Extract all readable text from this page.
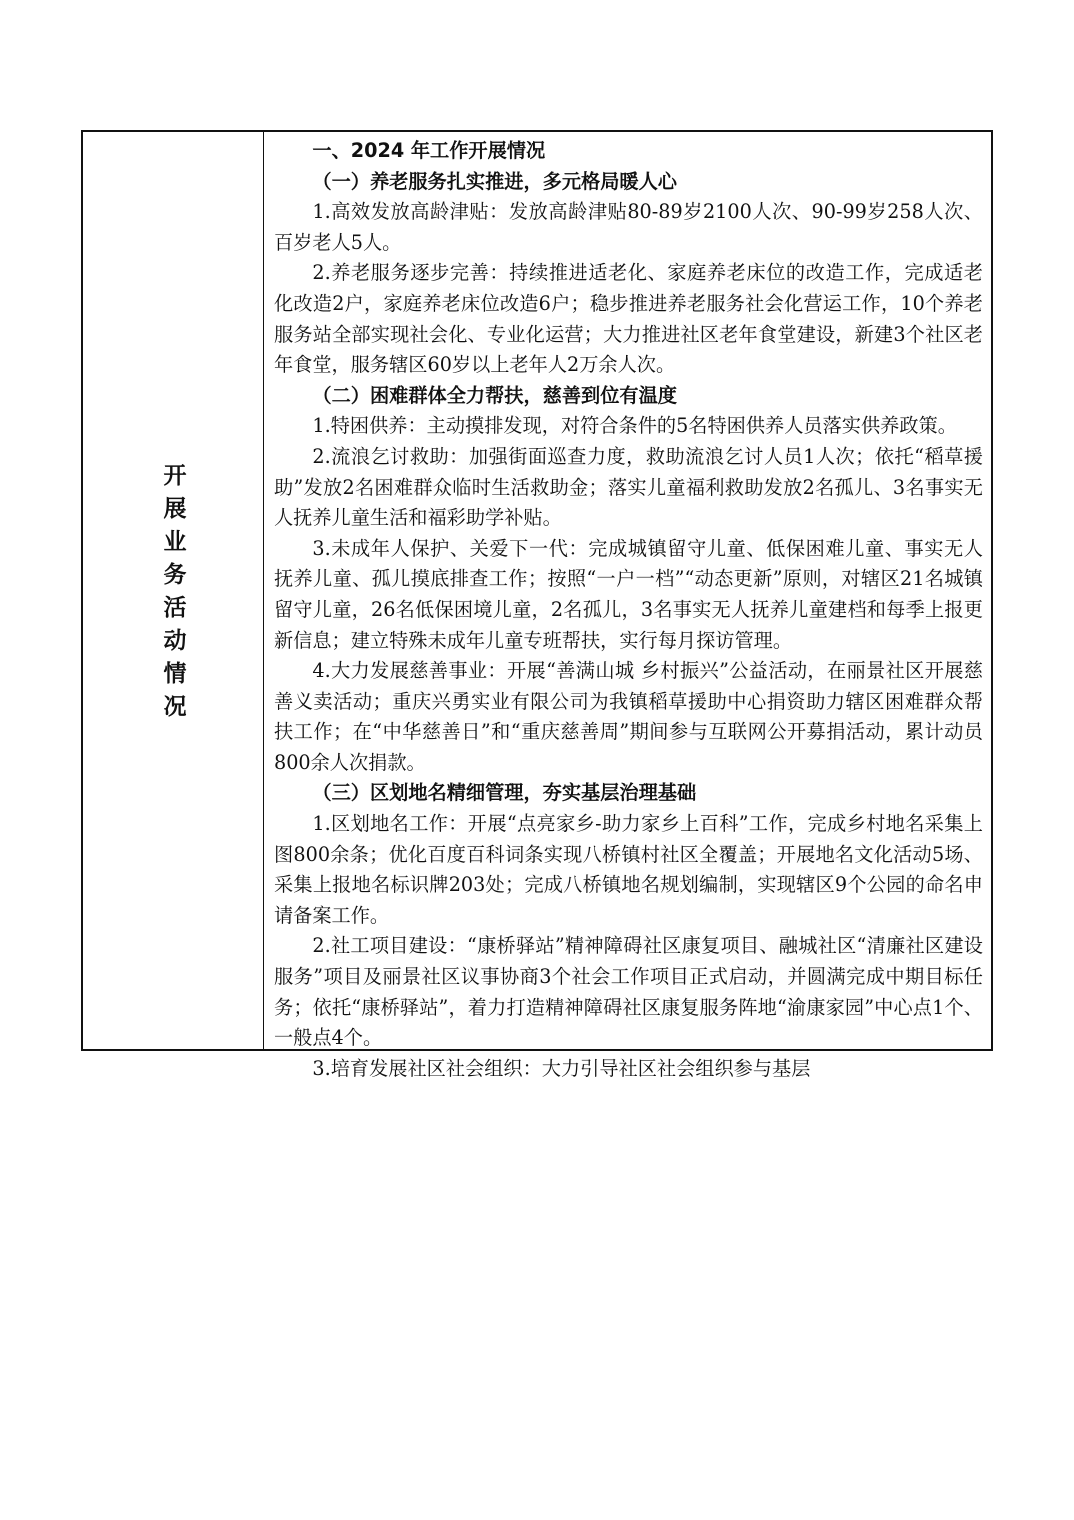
开展业务活动情况

一、2024 年工作开展情况

（一）养老服务扎实推进，多元格局暖人心

1.高效发放高龄津贴：发放高龄津贴80-89岁2100人次、90-99岁258人次、百岁老人5人。

2.养老服务逐步完善：持续推进适老化、家庭养老床位的改造工作，完成适老化改造2户，家庭养老床位改造6户；稳步推进养老服务社会化营运工作，10个养老服务站全部实现社会化、专业化运营；大力推进社区老年食堂建设，新建3个社区老年食堂，服务辖区60岁以上老年人2万余人次。

（二）困难群体全力帮扶，慈善到位有温度

1.特困供养：主动摸排发现，对符合条件的5名特困供养人员落实供养政策。

2.流浪乞讨救助：加强街面巡查力度，救助流浪乞讨人员1人次；依托“稻草援助”发放2名困难群众临时生活救助金；落实儿童福利救助发放2名孤儿、3名事实无人抚养儿童生活和福彩助学补贴。

3.未成年人保护、关爱下一代：完成城镇留守儿童、低保困难儿童、事实无人抚养儿童、孤儿摸底排查工作；按照“一户一档”“动态更新”原则，对辖区21名城镇留守儿童，26名低保困境儿童，2名孤儿，3名事实无人抚养儿童建档和每季上报更新信息；建立特殊未成年儿童专班帮扶，实行每月探访管理。

4.大力发展慈善事业：开展“善满山城 乡村振兴”公益活动，在丽景社区开展慈善义卖活动；重庆兴勇实业有限公司为我镇稻草援助中心捐资助力辖区困难群众帮扶工作；在“中华慈善日”和“重庆慈善周”期间参与互联网公开募捐活动，累计动员800余人次捐款。

（三）区划地名精细管理，夯实基层治理基础

1.区划地名工作：开展“点亮家乡-助力家乡上百科”工作，完成乡村地名采集上图800余条；优化百度百科词条实现八桥镇村社区全覆盖；开展地名文化活动5场、采集上报地名标识牌203处；完成八桥镇地名规划编制，实现辖区9个公园的命名申请备案工作。

2.社工项目建设：“康桥驿站”精神障碍社区康复项目、融城社区“清廉社区建设服务”项目及丽景社区议事协商3个社会工作项目正式启动，并圆满完成中期目标任务；依托“康桥驿站”，着力打造精神障碍社区康复服务阵地“渝康家园”中心点1个、一般点4个。

3.培育发展社区社会组织：大力引导社区社会组织参与基层
